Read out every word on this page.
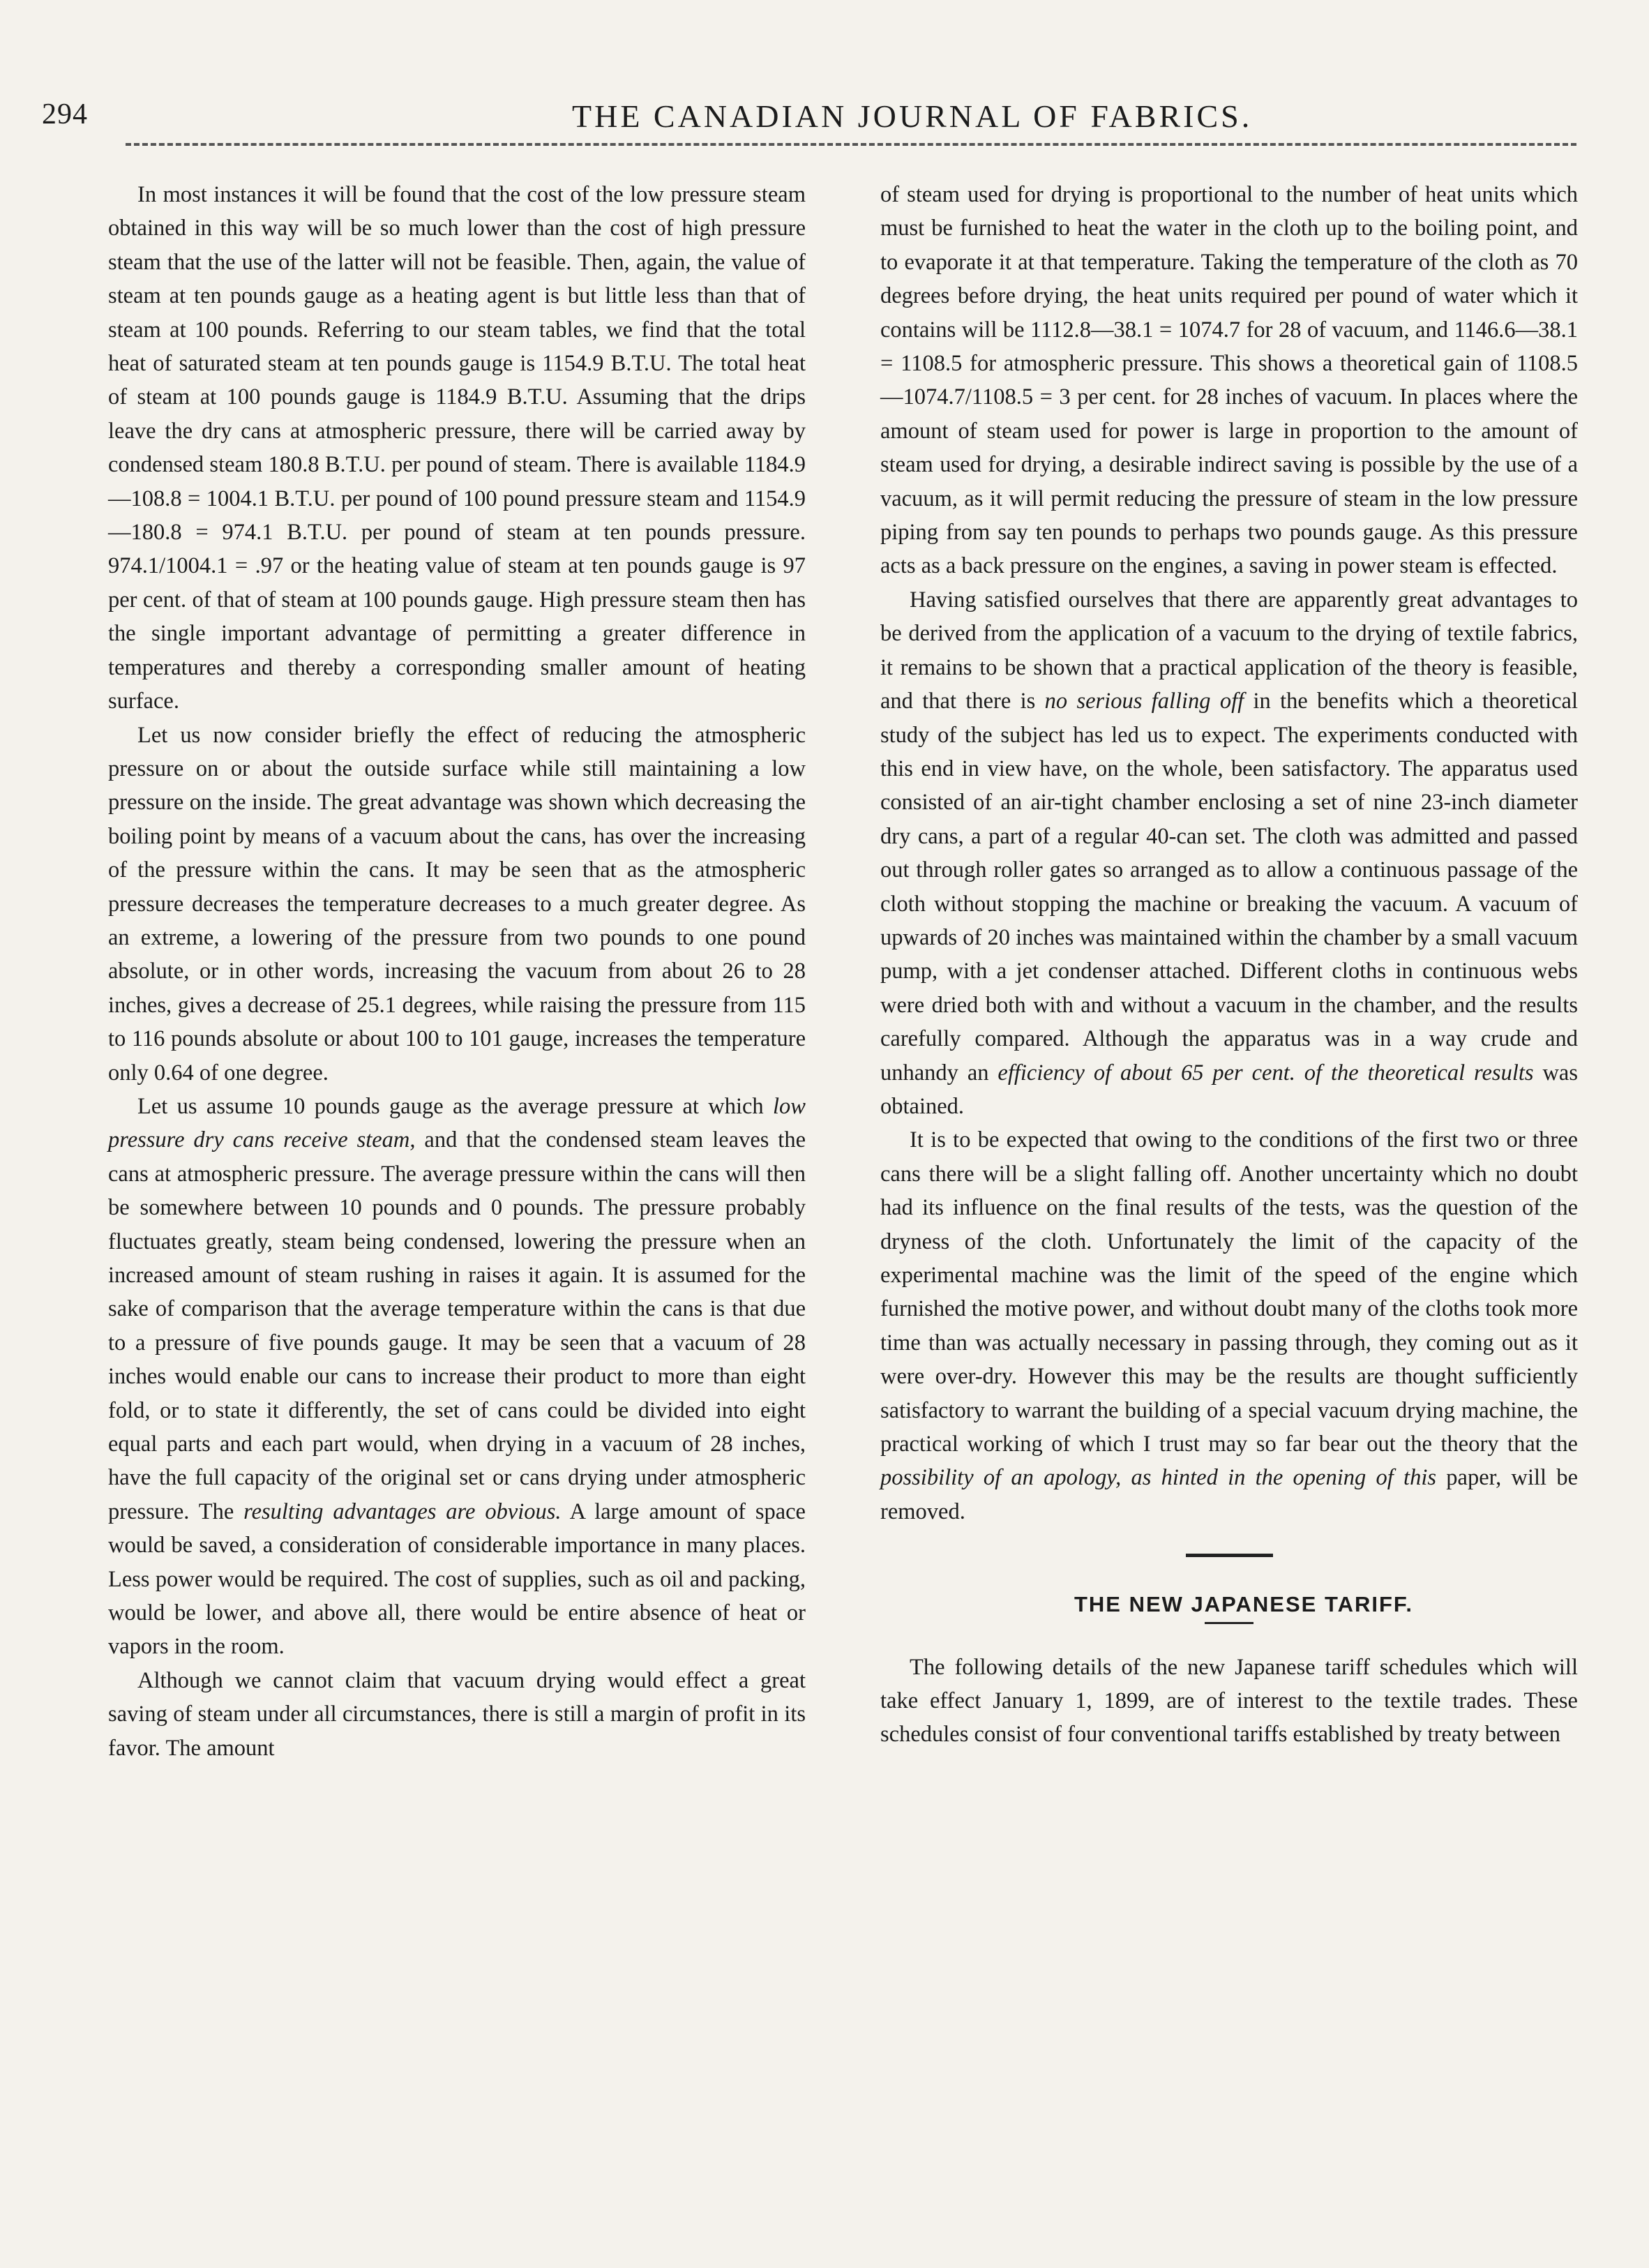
294	THE CANADIAN JOURNAL OF FABRICS.

In most instances it will be found that the cost of the low pressure steam obtained in this way will be so much lower than the cost of high pressure steam that the use of the latter will not be feasible. Then, again, the value of steam at ten pounds gauge as a heating agent is but little less than that of steam at 100 pounds. Referring to our steam tables, we find that the total heat of saturated steam at ten pounds gauge is 1154.9 B.T.U. The total heat of steam at 100 pounds gauge is 1184.9 B.T.U. Assuming that the drips leave the dry cans at atmospheric pressure, there will be carried away by condensed steam 180.8 B.T.U. per pound of steam. There is available 1184.9—108.8 = 1004.1 B.T.U. per pound of 100 pound pressure steam and 1154.9—180.8 = 974.1 B.T.U. per pound of steam at ten pounds pressure. 974.1/1004.1 = .97 or the heating value of steam at ten pounds gauge is 97 per cent. of that of steam at 100 pounds gauge. High pressure steam then has the single important advantage of permitting a greater difference in temperatures and thereby a corresponding smaller amount of heating surface.

Let us now consider briefly the effect of reducing the atmospheric pressure on or about the outside surface while still maintaining a low pressure on the inside. The great advantage was shown which decreasing the boiling point by means of a vacuum about the cans, has over the increasing of the pressure within the cans. It may be seen that as the atmospheric pressure decreases the temperature decreases to a much greater degree. As an extreme, a lowering of the pressure from two pounds to one pound absolute, or in other words, increasing the vacuum from about 26 to 28 inches, gives a decrease of 25.1 degrees, while raising the pressure from 115 to 116 pounds absolute or about 100 to 101 gauge, increases the temperature only 0.64 of one degree.

Let us assume 10 pounds gauge as the average pressure at which low pressure dry cans receive steam, and that the condensed steam leaves the cans at atmospheric pressure. The average pressure within the cans will then be somewhere between 10 pounds and 0 pounds. The pressure probably fluctuates greatly, steam being condensed, lowering the pressure when an increased amount of steam rushing in raises it again. It is assumed for the sake of comparison that the average temperature within the cans is that due to a pressure of five pounds gauge. It may be seen that a vacuum of 28 inches would enable our cans to increase their product to more than eight fold, or to state it differently, the set of cans could be divided into eight equal parts and each part would, when drying in a vacuum of 28 inches, have the full capacity of the original set or cans drying under atmospheric pressure. The resulting advantages are obvious. A large amount of space would be saved, a consideration of considerable importance in many places. Less power would be required. The cost of supplies, such as oil and packing, would be lower, and above all, there would be entire absence of heat or vapors in the room.

Although we cannot claim that vacuum drying would effect a great saving of steam under all circumstances, there is still a margin of profit in its favor. The amount

of steam used for drying is proportional to the number of heat units which must be furnished to heat the water in the cloth up to the boiling point, and to evaporate it at that temperature. Taking the temperature of the cloth as 70 degrees before drying, the heat units required per pound of water which it contains will be 1112.8—38.1 = 1074.7 for 28 of vacuum, and 1146.6—38.1 = 1108.5 for atmospheric pressure. This shows a theoretical gain of 1108.5—1074.7/1108.5 = 3 per cent. for 28 inches of vacuum. In places where the amount of steam used for power is large in proportion to the amount of steam used for drying, a desirable indirect saving is possible by the use of a vacuum, as it will permit reducing the pressure of steam in the low pressure piping from say ten pounds to perhaps two pounds gauge. As this pressure acts as a back pressure on the engines, a saving in power steam is effected.

Having satisfied ourselves that there are apparently great advantages to be derived from the application of a vacuum to the drying of textile fabrics, it remains to be shown that a practical application of the theory is feasible, and that there is no serious falling off in the benefits which a theoretical study of the subject has led us to expect. The experiments conducted with this end in view have, on the whole, been satisfactory. The apparatus used consisted of an air-tight chamber enclosing a set of nine 23-inch diameter dry cans, a part of a regular 40-can set. The cloth was admitted and passed out through roller gates so arranged as to allow a continuous passage of the cloth without stopping the machine or breaking the vacuum. A vacuum of upwards of 20 inches was maintained within the chamber by a small vacuum pump, with a jet condenser attached. Different cloths in continuous webs were dried both with and without a vacuum in the chamber, and the results carefully compared. Although the apparatus was in a way crude and unhandy an efficiency of about 65 per cent. of the theoretical results was obtained.

It is to be expected that owing to the conditions of the first two or three cans there will be a slight falling off. Another uncertainty which no doubt had its influence on the final results of the tests, was the question of the dryness of the cloth. Unfortunately the limit of the capacity of the experimental machine was the limit of the speed of the engine which furnished the motive power, and without doubt many of the cloths took more time than was actually necessary in passing through, they coming out as it were over-dry. However this may be the results are thought sufficiently satisfactory to warrant the building of a special vacuum drying machine, the practical working of which I trust may so far bear out the theory that the possibility of an apology, as hinted in the opening of this paper, will be removed.

THE NEW JAPANESE TARIFF.

The following details of the new Japanese tariff schedules which will take effect January 1, 1899, are of interest to the textile trades. These schedules consist of four conventional tariffs established by treaty between
